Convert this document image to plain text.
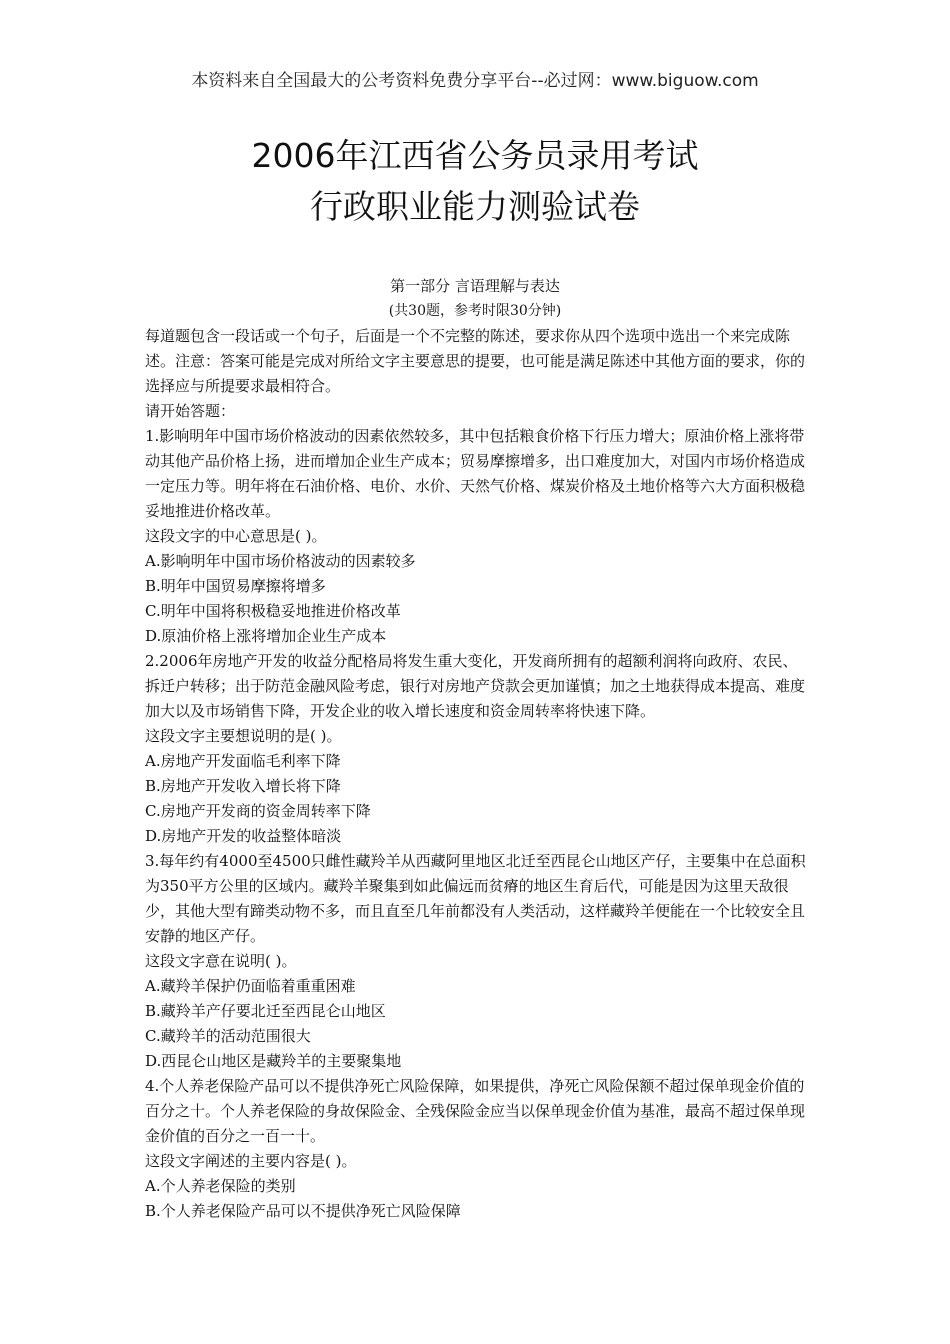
本资料来自全国最大的公考资料免费分享平台--必过网：www.biguow.com
2006年江西省公务员录用考试
行政职业能力测验试卷
第一部分 言语理解与表达
(共30题，参考时限30分钟)

每道题包含一段话或一个句子，后面是一个不完整的陈述，要求你从四个选项中选出一个来完成陈述。注意：答案可能是完成对所给文字主要意思的提要，也可能是满足陈述中其他方面的要求，你的选择应与所提要求最相符合。

请开始答题：

1.影响明年中国市场价格波动的因素依然较多，其中包括粮食价格下行压力增大；原油价格上涨将带动其他产品价格上扬，进而增加企业生产成本；贸易摩擦增多，出口难度加大，对国内市场价格造成一定压力等。明年将在石油价格、电价、水价、天然气价格、煤炭价格及土地价格等六大方面积极稳妥地推进价格改革。

这段文字的中心意思是( )。

A.影响明年中国市场价格波动的因素较多

B.明年中国贸易摩擦将增多

C.明年中国将积极稳妥地推进价格改革

D.原油价格上涨将增加企业生产成本

2.2006年房地产开发的收益分配格局将发生重大变化，开发商所拥有的超额利润将向政府、农民、拆迁户转移；出于防范金融风险考虑，银行对房地产贷款会更加谨慎；加之土地获得成本提高、难度加大以及市场销售下降，开发企业的收入增长速度和资金周转率将快速下降。

这段文字主要想说明的是( )。

A.房地产开发面临毛利率下降

B.房地产开发收入增长将下降

C.房地产开发商的资金周转率下降

D.房地产开发的收益整体暗淡

3.每年约有4000至4500只雌性藏羚羊从西藏阿里地区北迁至西昆仑山地区产仔，主要集中在总面积为350平方公里的区域内。藏羚羊聚集到如此偏远而贫瘠的地区生育后代，可能是因为这里天敌很少，其他大型有蹄类动物不多，而且直至几年前都没有人类活动，这样藏羚羊便能在一个比较安全且安静的地区产仔。

这段文字意在说明( )。

A.藏羚羊保护仍面临着重重困难

B.藏羚羊产仔要北迁至西昆仑山地区

C.藏羚羊的活动范围很大

D.西昆仑山地区是藏羚羊的主要聚集地

4.个人养老保险产品可以不提供净死亡风险保障，如果提供，净死亡风险保额不超过保单现金价值的百分之十。个人养老保险的身故保险金、全残保险金应当以保单现金价值为基准，最高不超过保单现金价值的百分之一百一十。

这段文字阐述的主要内容是( )。

A.个人养老保险的类别

B.个人养老保险产品可以不提供净死亡风险保障
